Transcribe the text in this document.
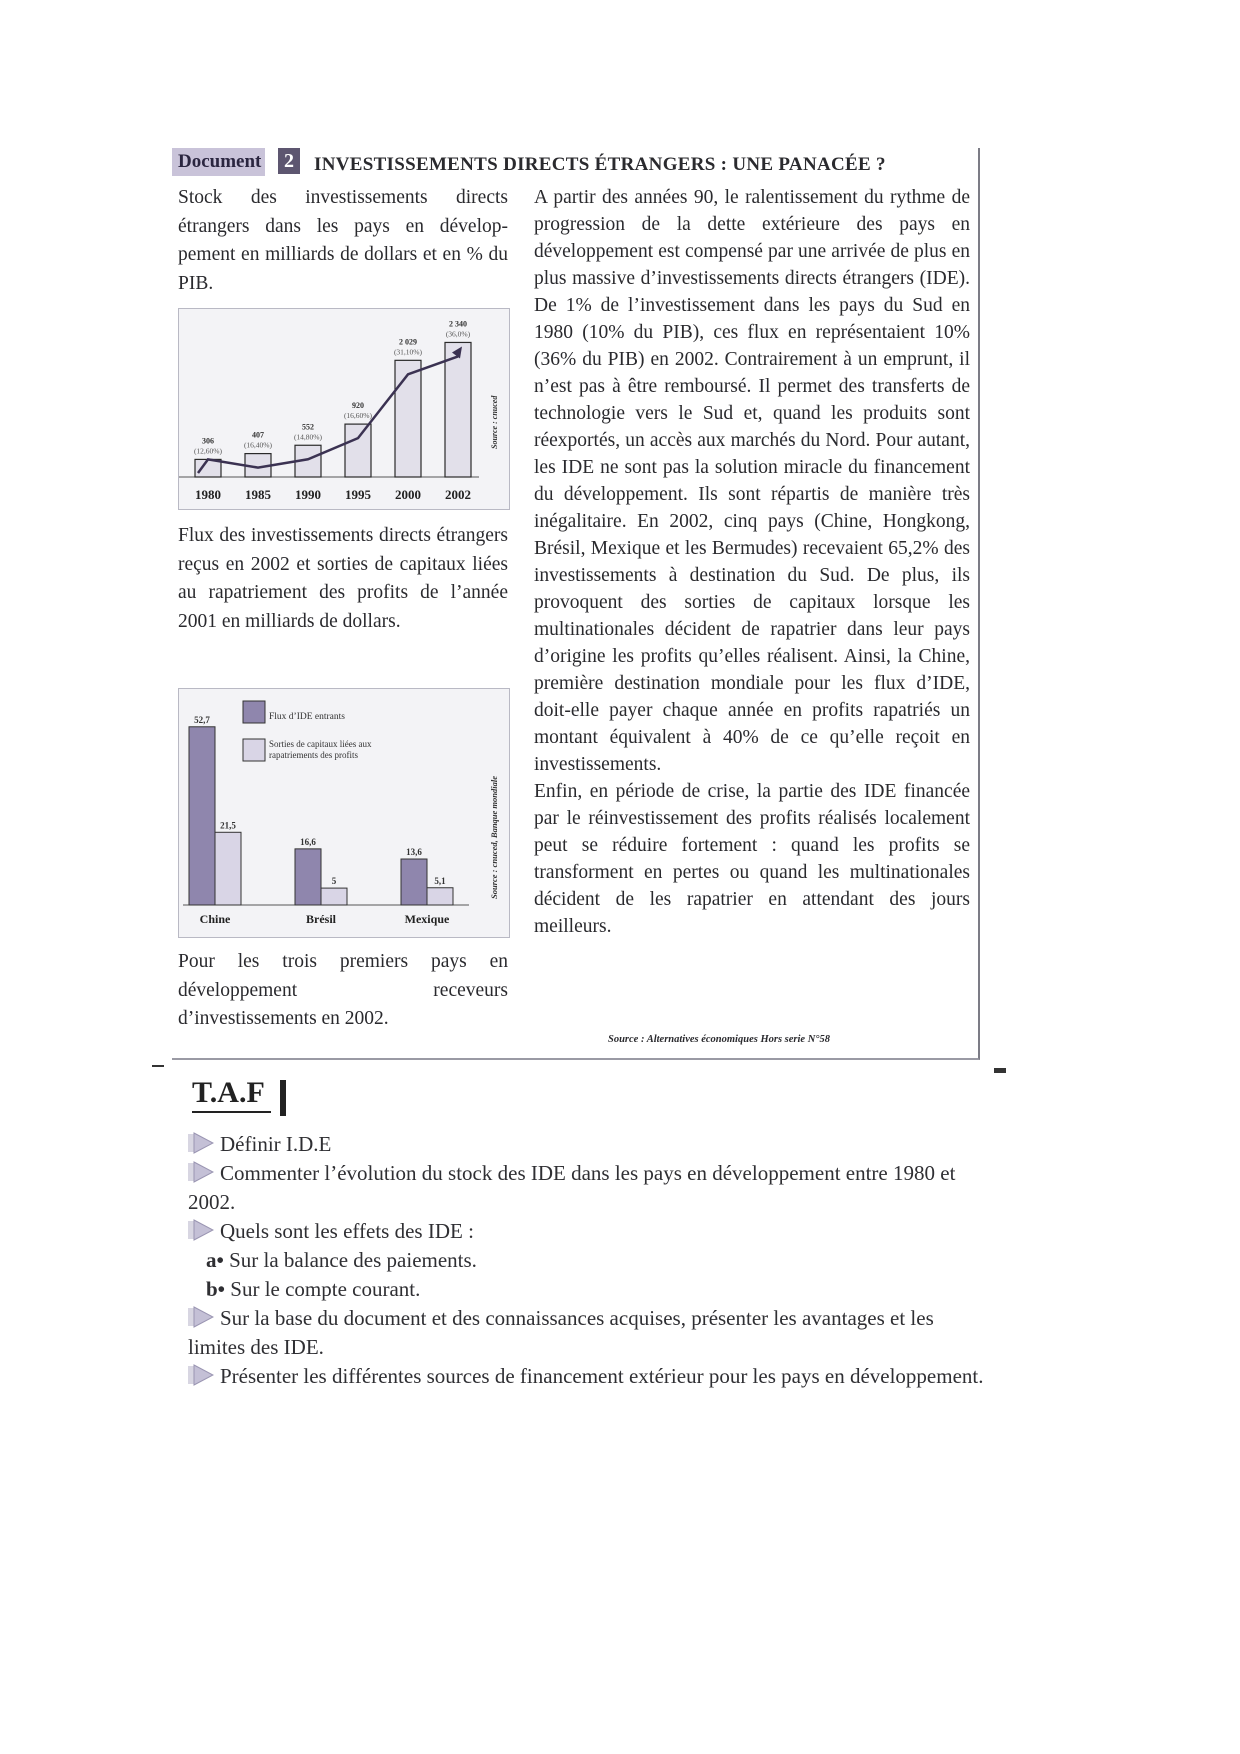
Document	2	INVESTISSEMENTS DIRECTS ÉTRANGERS : UNE PANACÉE ?

Stock des investissements directs étrangers dans les pays en dévelop-pement en milliards de dollars et en % du PIB.

306
(12,60%)
1980
407
(16,40%)
1985
552
(14,80%)
1990
920
(16,60%)
1995
2 029
(31,10%)
2000
2 340
(36,0%)
2002
Source : cnuced

Flux des investissements directs étrangers reçus en 2002 et sorties de capitaux liées au rapatriement des profits de l’année 2001 en milliards de dollars.

52,7
21,5
Chine
16,6
5
Brésil
13,6
5,1
Mexique
Flux d’IDE entrants
Sorties de capitaux liées aux
rapatriements des profits
Source : cnuced, Banque mondiale

Pour les trois premiers pays en développement receveurs d’investissements en 2002.

A partir des années 90, le ralentissement du rythme de progression de la dette extérieure des pays en développement est compensé par une arrivée de plus en plus massive d’investissements directs étrangers (IDE). De 1% de l’investissement dans les pays du Sud en 1980 (10% du PIB), ces flux en représentaient 10% (36% du PIB) en 2002. Contrairement à un emprunt, il n’est pas à être remboursé. Il permet des transferts de technologie vers le Sud et, quand les produits sont réexportés, un accès aux marchés du Nord. Pour autant, les IDE ne sont pas la solution miracle du financement du développement. Ils sont répartis de manière très inégalitaire. En 2002, cinq pays (Chine, Hongkong, Brésil, Mexique et les Bermudes) recevaient 65,2% des investissements à destination du Sud. De plus, ils provoquent des sorties de capitaux lorsque les multinationales décident de rapatrier dans leur pays d’origine les profits qu’elles réalisent. Ainsi, la Chine, première destination mondiale pour les flux d’IDE, doit-elle payer chaque année en profits rapatriés un montant équivalent à 40% de ce qu’elle reçoit en investissements.

Enfin, en période de crise, la partie des IDE financée par le réinvestissement des profits réalisés localement peut se réduire fortement : quand les profits se transforment en pertes ou quand les multinationales décident de les rapatrier en attendant des jours meilleurs.

Source : Alternatives économiques Hors serie N°58
T.A.F

Définir I.D.E

Commenter l’évolution du stock des IDE dans les pays en développement entre 1980 et 2002.

Quels sont les effets des IDE :

a• Sur la balance des paiements.

b• Sur le compte courant.

Sur la base du document et des connaissances acquises, présenter les avantages et les limites des IDE.

Présenter les différentes sources de financement extérieur pour les pays en développement.
